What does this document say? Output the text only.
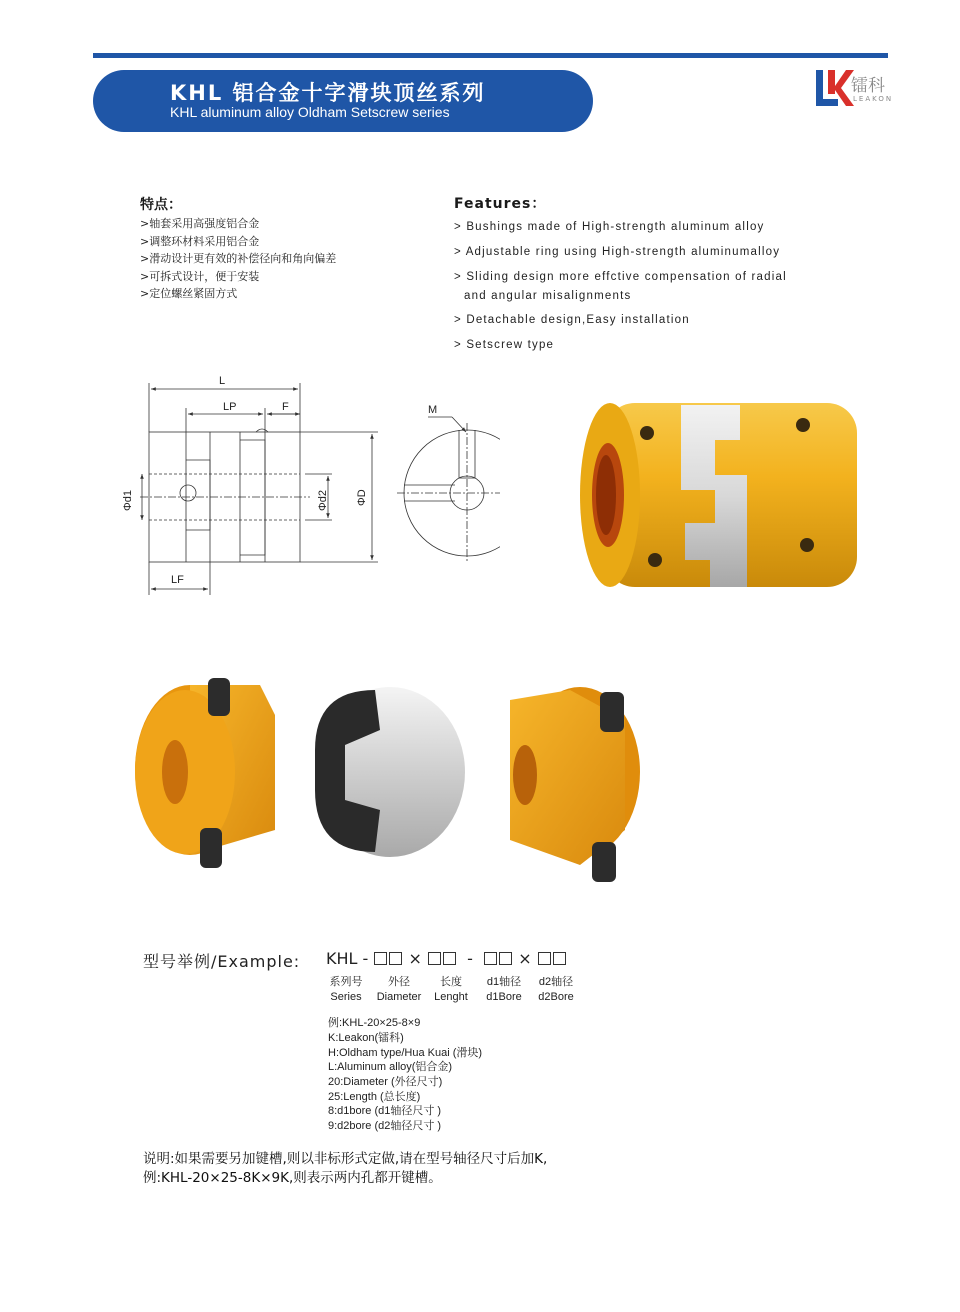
KHL 铝合金十字滑块顶丝系列
KHL aluminum alloy Oldham Setscrew series
镭科
LEAKON
特点：
>轴套采用高强度铝合金
>调整环材料采用铝合金
>滑动设计更有效的补偿径向和角向偏差
>可拆式设计，便于安装
>定位螺丝紧固方式
Features：
> Bushings made of High-strength aluminum alloy
> Adjustable ring using High-strength aluminumalloy
> Sliding design more effctive compensation of radial
and angular misalignments
> Detachable design,Easy installation
> Setscrew type
L
LP	F
LF
M
Φd1	Φd2 ΦD
型号举例/Example: KHL -	×	-	×
系列号
Series
外径
Diameter
长度
Lenght
d1轴径
d1Bore
d2轴径
d2Bore
例:KHL-20×25-8×9
K:Leakon(镭科)
H:Oldham type/Hua Kuai (滑块)
L:Aluminum alloy(铝合金)
20:Diameter (外径尺寸)
25:Length (总长度)
8:d1bore (d1轴径尺寸 )
9:d2bore (d2轴径尺寸 )
说明:如果需要另加键槽,则以非标形式定做,请在型号轴径尺寸后加K,
例:KHL-20×25-8K×9K,则表示两内孔都开键槽。
